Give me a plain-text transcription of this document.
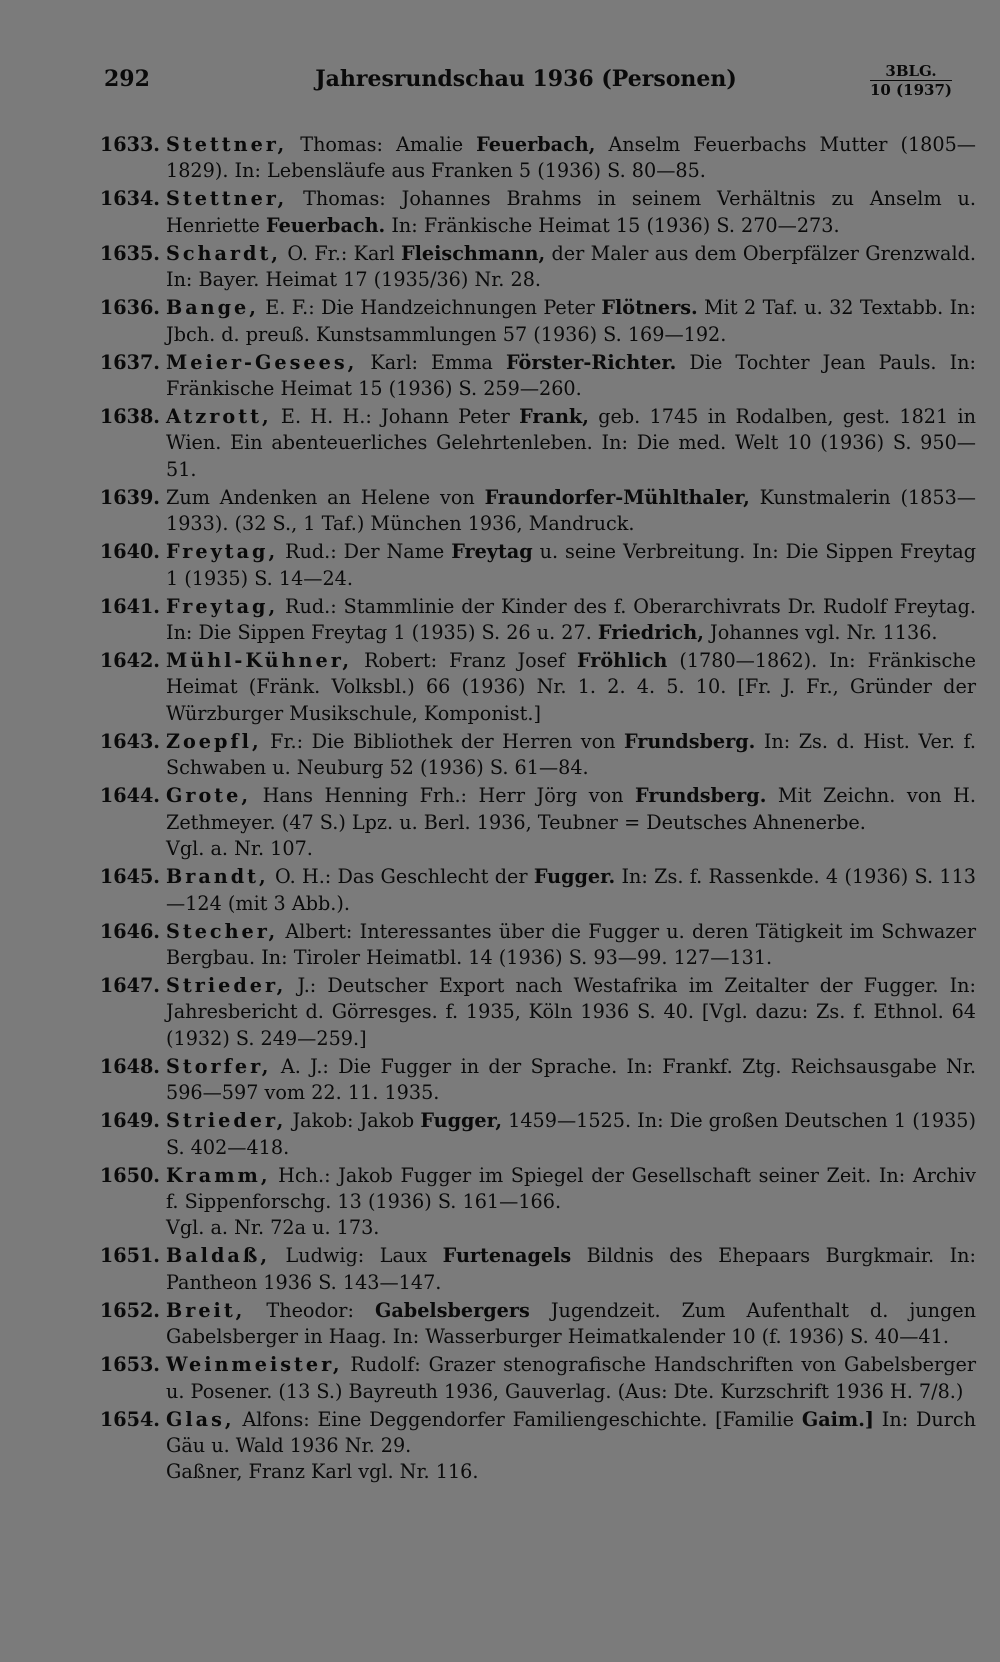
292	Jahresrundschau 1936 (Personen)	3BLG.
10 (1937)
1633. Stettner, Thomas: Amalie Feuerbach, Anselm Feuerbachs Mutter (1805—1829). In: Lebensläufe aus Franken 5 (1936) S. 80—85.
1634. Stettner, Thomas: Johannes Brahms in seinem Verhältnis zu Anselm u. Henriette Feuerbach. In: Fränkische Heimat 15 (1936) S. 270—273.
1635. Schardt, O. Fr.: Karl Fleischmann, der Maler aus dem Oberpfälzer Grenzwald. In: Bayer. Heimat 17 (1935/36) Nr. 28.
1636. Bange, E. F.: Die Handzeichnungen Peter Flötners. Mit 2 Taf. u. 32 Textabb. In: Jbch. d. preuß. Kunstsammlungen 57 (1936) S. 169—192.
1637. Meier-Gesees, Karl: Emma Förster-Richter. Die Tochter Jean Pauls. In: Fränkische Heimat 15 (1936) S. 259—260.
1638. Atzrott, E. H. H.: Johann Peter Frank, geb. 1745 in Rodalben, gest. 1821 in Wien. Ein abenteuerliches Gelehrtenleben. In: Die med. Welt 10 (1936) S. 950—51.
1639. Zum Andenken an Helene von Fraundorfer-Mühlthaler, Kunstmalerin (1853—1933). (32 S., 1 Taf.) München 1936, Mandruck.
1640. Freytag, Rud.: Der Name Freytag u. seine Verbreitung. In: Die Sippen Freytag 1 (1935) S. 14—24.
1641. Freytag, Rud.: Stammlinie der Kinder des f. Oberarchivrats Dr. Rudolf Freytag. In: Die Sippen Freytag 1 (1935) S. 26 u. 27. Friedrich, Johannes vgl. Nr. 1136.
1642. Mühl-Kühner, Robert: Franz Josef Fröhlich (1780—1862). In: Fränkische Heimat (Fränk. Volksbl.) 66 (1936) Nr. 1. 2. 4. 5. 10. [Fr. J. Fr., Gründer der Würzburger Musikschule, Komponist.]
1643. Zoepfl, Fr.: Die Bibliothek der Herren von Frundsberg. In: Zs. d. Hist. Ver. f. Schwaben u. Neuburg 52 (1936) S. 61—84.
1644. Grote, Hans Henning Frh.: Herr Jörg von Frundsberg. Mit Zeichn. von H. Zethmeyer. (47 S.) Lpz. u. Berl. 1936, Teubner = Deutsches Ahnenerbe.
Vgl. a. Nr. 107.
1645. Brandt, O. H.: Das Geschlecht der Fugger. In: Zs. f. Rassenkde. 4 (1936) S. 113—124 (mit 3 Abb.).
1646. Stecher, Albert: Interessantes über die Fugger u. deren Tätigkeit im Schwazer Bergbau. In: Tiroler Heimatbl. 14 (1936) S. 93—99. 127—131.
1647. Strieder, J.: Deutscher Export nach Westafrika im Zeitalter der Fugger. In: Jahresbericht d. Görresges. f. 1935, Köln 1936 S. 40. [Vgl. dazu: Zs. f. Ethnol. 64 (1932) S. 249—259.]
1648. Storfer, A. J.: Die Fugger in der Sprache. In: Frankf. Ztg. Reichsausgabe Nr. 596—597 vom 22. 11. 1935.
1649. Strieder, Jakob: Jakob Fugger, 1459—1525. In: Die großen Deutschen 1 (1935) S. 402—418.
1650. Kramm, Hch.: Jakob Fugger im Spiegel der Gesellschaft seiner Zeit. In: Archiv f. Sippenforschg. 13 (1936) S. 161—166.
Vgl. a. Nr. 72a u. 173.
1651. Baldaß, Ludwig: Laux Furtenagels Bildnis des Ehepaars Burgkmair. In: Pantheon 1936 S. 143—147.
1652. Breit, Theodor: Gabelsbergers Jugendzeit. Zum Aufenthalt d. jungen Gabelsberger in Haag. In: Wasserburger Heimatkalender 10 (f. 1936) S. 40—41.
1653. Weinmeister, Rudolf: Grazer stenografische Handschriften von Gabelsberger u. Posener. (13 S.) Bayreuth 1936, Gauverlag. (Aus: Dte. Kurzschrift 1936 H. 7/8.)
1654. Glas, Alfons: Eine Deggendorfer Familiengeschichte. [Familie Gaim.] In: Durch Gäu u. Wald 1936 Nr. 29.
Gaßner, Franz Karl vgl. Nr. 116.
